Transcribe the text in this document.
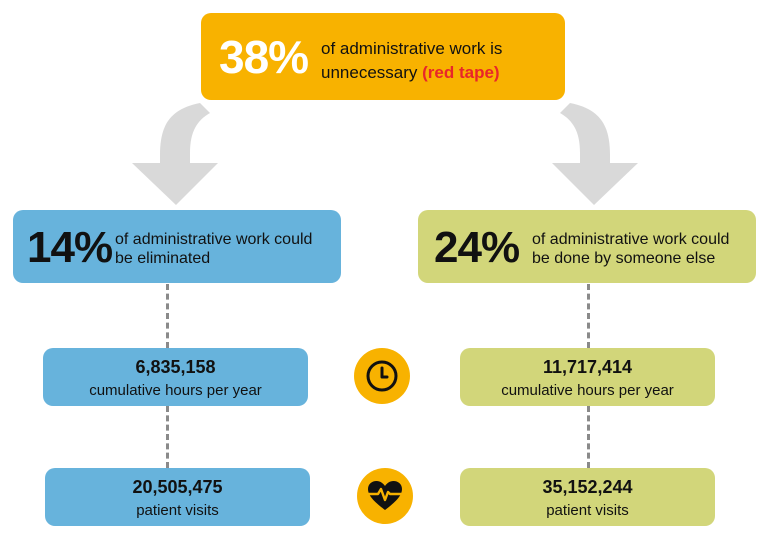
38% of administrative work is
unnecessary (red tape)
14% of administrative work could
be eliminated	24% of administrative work could
be done by someone else
6,835,158
cumulative hours per year
20,505,475
patient visits
11,717,414
cumulative hours per year
35,152,244
patient visits
